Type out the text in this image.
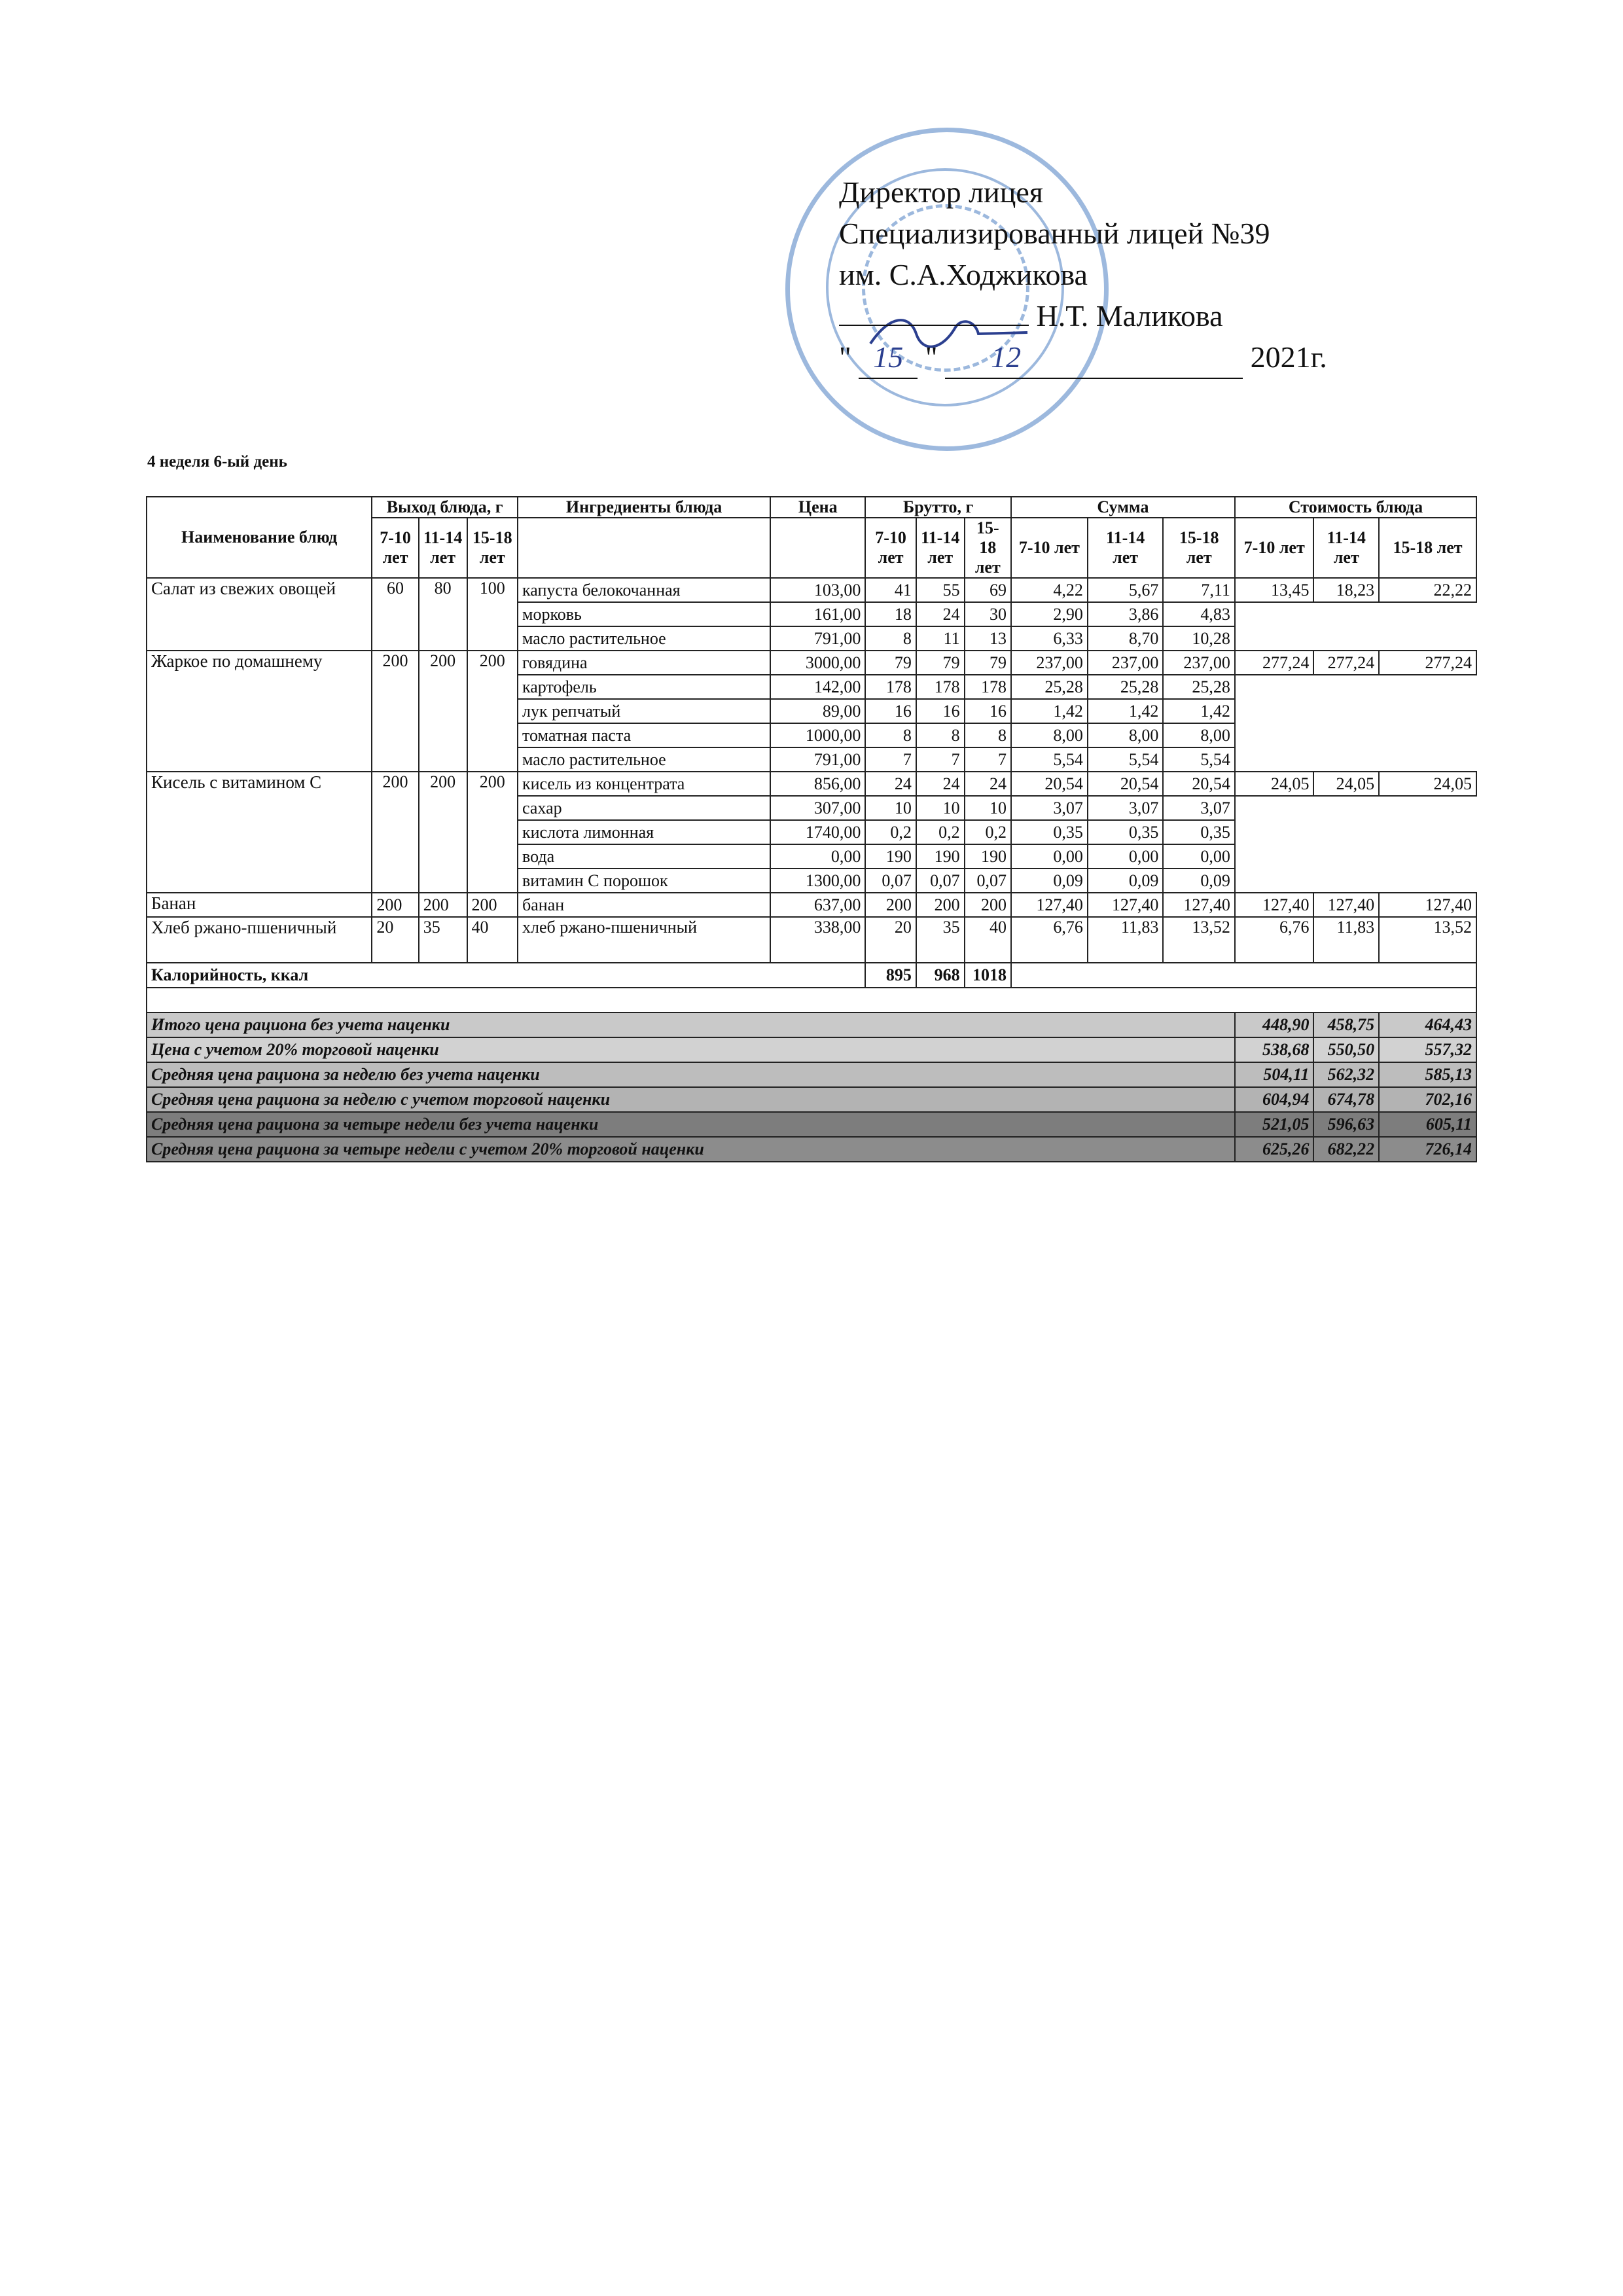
Директор лицея
Специализированный лицей №39
им. С.А.Ходжикова
Н.Т. Маликова
" 15 " 12	2021г.
4 неделя 6-ый день
Наименование блюд	Выход блюда, г			Ингредиенты блюда	Цена	Брутто, г			Сумма			Стоимость блюда		
	7-10 лет	11-14 лет	15-18 лет			7-10 лет	11-14 лет	15-18 лет	7-10 лет	11-14 лет	15-18 лет	7-10 лет	11-14 лет	15-18 лет
Салат из свежих овощей	60	80	100	капуста белокочанная	103,00	41	55	69	4,22	5,67	7,11	13,45	18,23	22,22
				морковь	161,00	18	24	30	2,90	3,86	4,83			
				масло растительное	791,00	8	11	13	6,33	8,70	10,28			
Жаркое по домашнему	200	200	200	говядина	3000,00	79	79	79	237,00	237,00	237,00	277,24	277,24	277,24
				картофель	142,00	178	178	178	25,28	25,28	25,28			
				лук репчатый	89,00	16	16	16	1,42	1,42	1,42			
				томатная паста	1000,00	8	8	8	8,00	8,00	8,00			
				масло растительное	791,00	7	7	7	5,54	5,54	5,54			
Кисель с витамином С	200	200	200	кисель из концентрата	856,00	24	24	24	20,54	20,54	20,54	24,05	24,05	24,05
				сахар	307,00	10	10	10	3,07	3,07	3,07			
				кислота лимонная	1740,00	0,2	0,2	0,2	0,35	0,35	0,35			
				вода	0,00	190	190	190	0,00	0,00	0,00			
				витамин С порошок	1300,00	0,07	0,07	0,07	0,09	0,09	0,09			
Банан	200	200	200	банан	637,00	200	200	200	127,40	127,40	127,40	127,40	127,40	127,40
Хлеб ржано-пшеничный	20	35	40	хлеб ржано-пшеничный	338,00	20	35	40	6,76	11,83	13,52	6,76	11,83	13,52
Калорийность, ккал						895	968	1018						

Итого цена рациона без учета наценки												448,90	458,75	464,43
Цена с учетом 20% торговой наценки												538,68	550,50	557,32
Средняя цена рациона за неделю без учета наценки												504,11	562,32	585,13
Средняя цена рациона за неделю с учетом торговой наценки												604,94	674,78	702,16
Средняя цена рациона за четыре недели без учета наценки												521,05	596,63	605,11
Средняя цена рациона за четыре недели с учетом 20% торговой наценки												625,26	682,22	726,14
